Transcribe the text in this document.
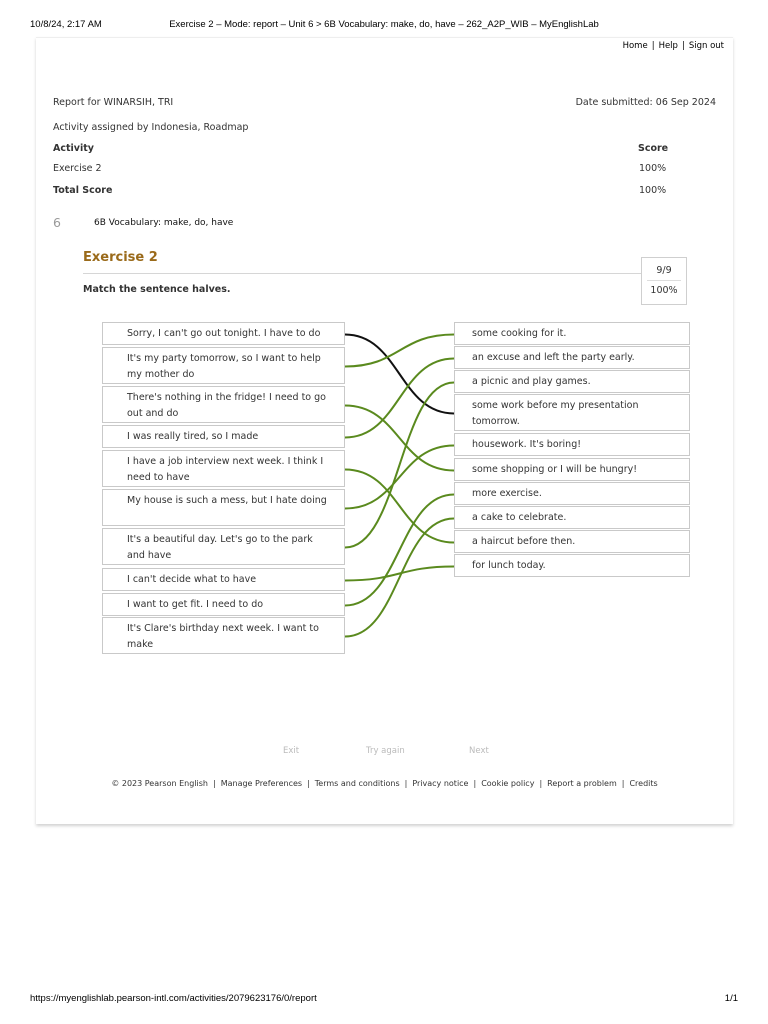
10/8/24, 2:17 AM	Exercise 2 – Mode: report – Unit 6 > 6B Vocabulary: make, do, have – 262_A2P_WIB – MyEnglishLab
Home | Help | Sign out
Report for WINARSIH, TRI	Date submitted: 06 Sep 2024
Activity assigned by Indonesia, Roadmap
Activity	Score
Exercise 2	100%
Total Score	100%
6	6B Vocabulary: make, do, have
Exercise 2
Match the sentence halves.
9/9
100%
Sorry, I can't go out tonight. I have to do
It's my party tomorrow, so I want to help my mother do
There's nothing in the fridge! I need to go out and do
I was really tired, so I made
I have a job interview next week. I think I need to have
My house is such a mess, but I hate doing
It's a beautiful day. Let's go to the park and have
I can't decide what to have
I want to get fit. I need to do
It's Clare's birthday next week. I want to make
some cooking for it.
an excuse and left the party early.
a picnic and play games.
some work before my presentation tomorrow.
housework. It's boring!
some shopping or I will be hungry!
more exercise.
a cake to celebrate.
a haircut before then.
for lunch today.
Exit	Try again	Next
© 2023 Pearson English | Manage Preferences | Terms and conditions | Privacy notice | Cookie policy | Report a problem | Credits
https://myenglishlab.pearson-intl.com/activities/2079623176/0/report	1/1
